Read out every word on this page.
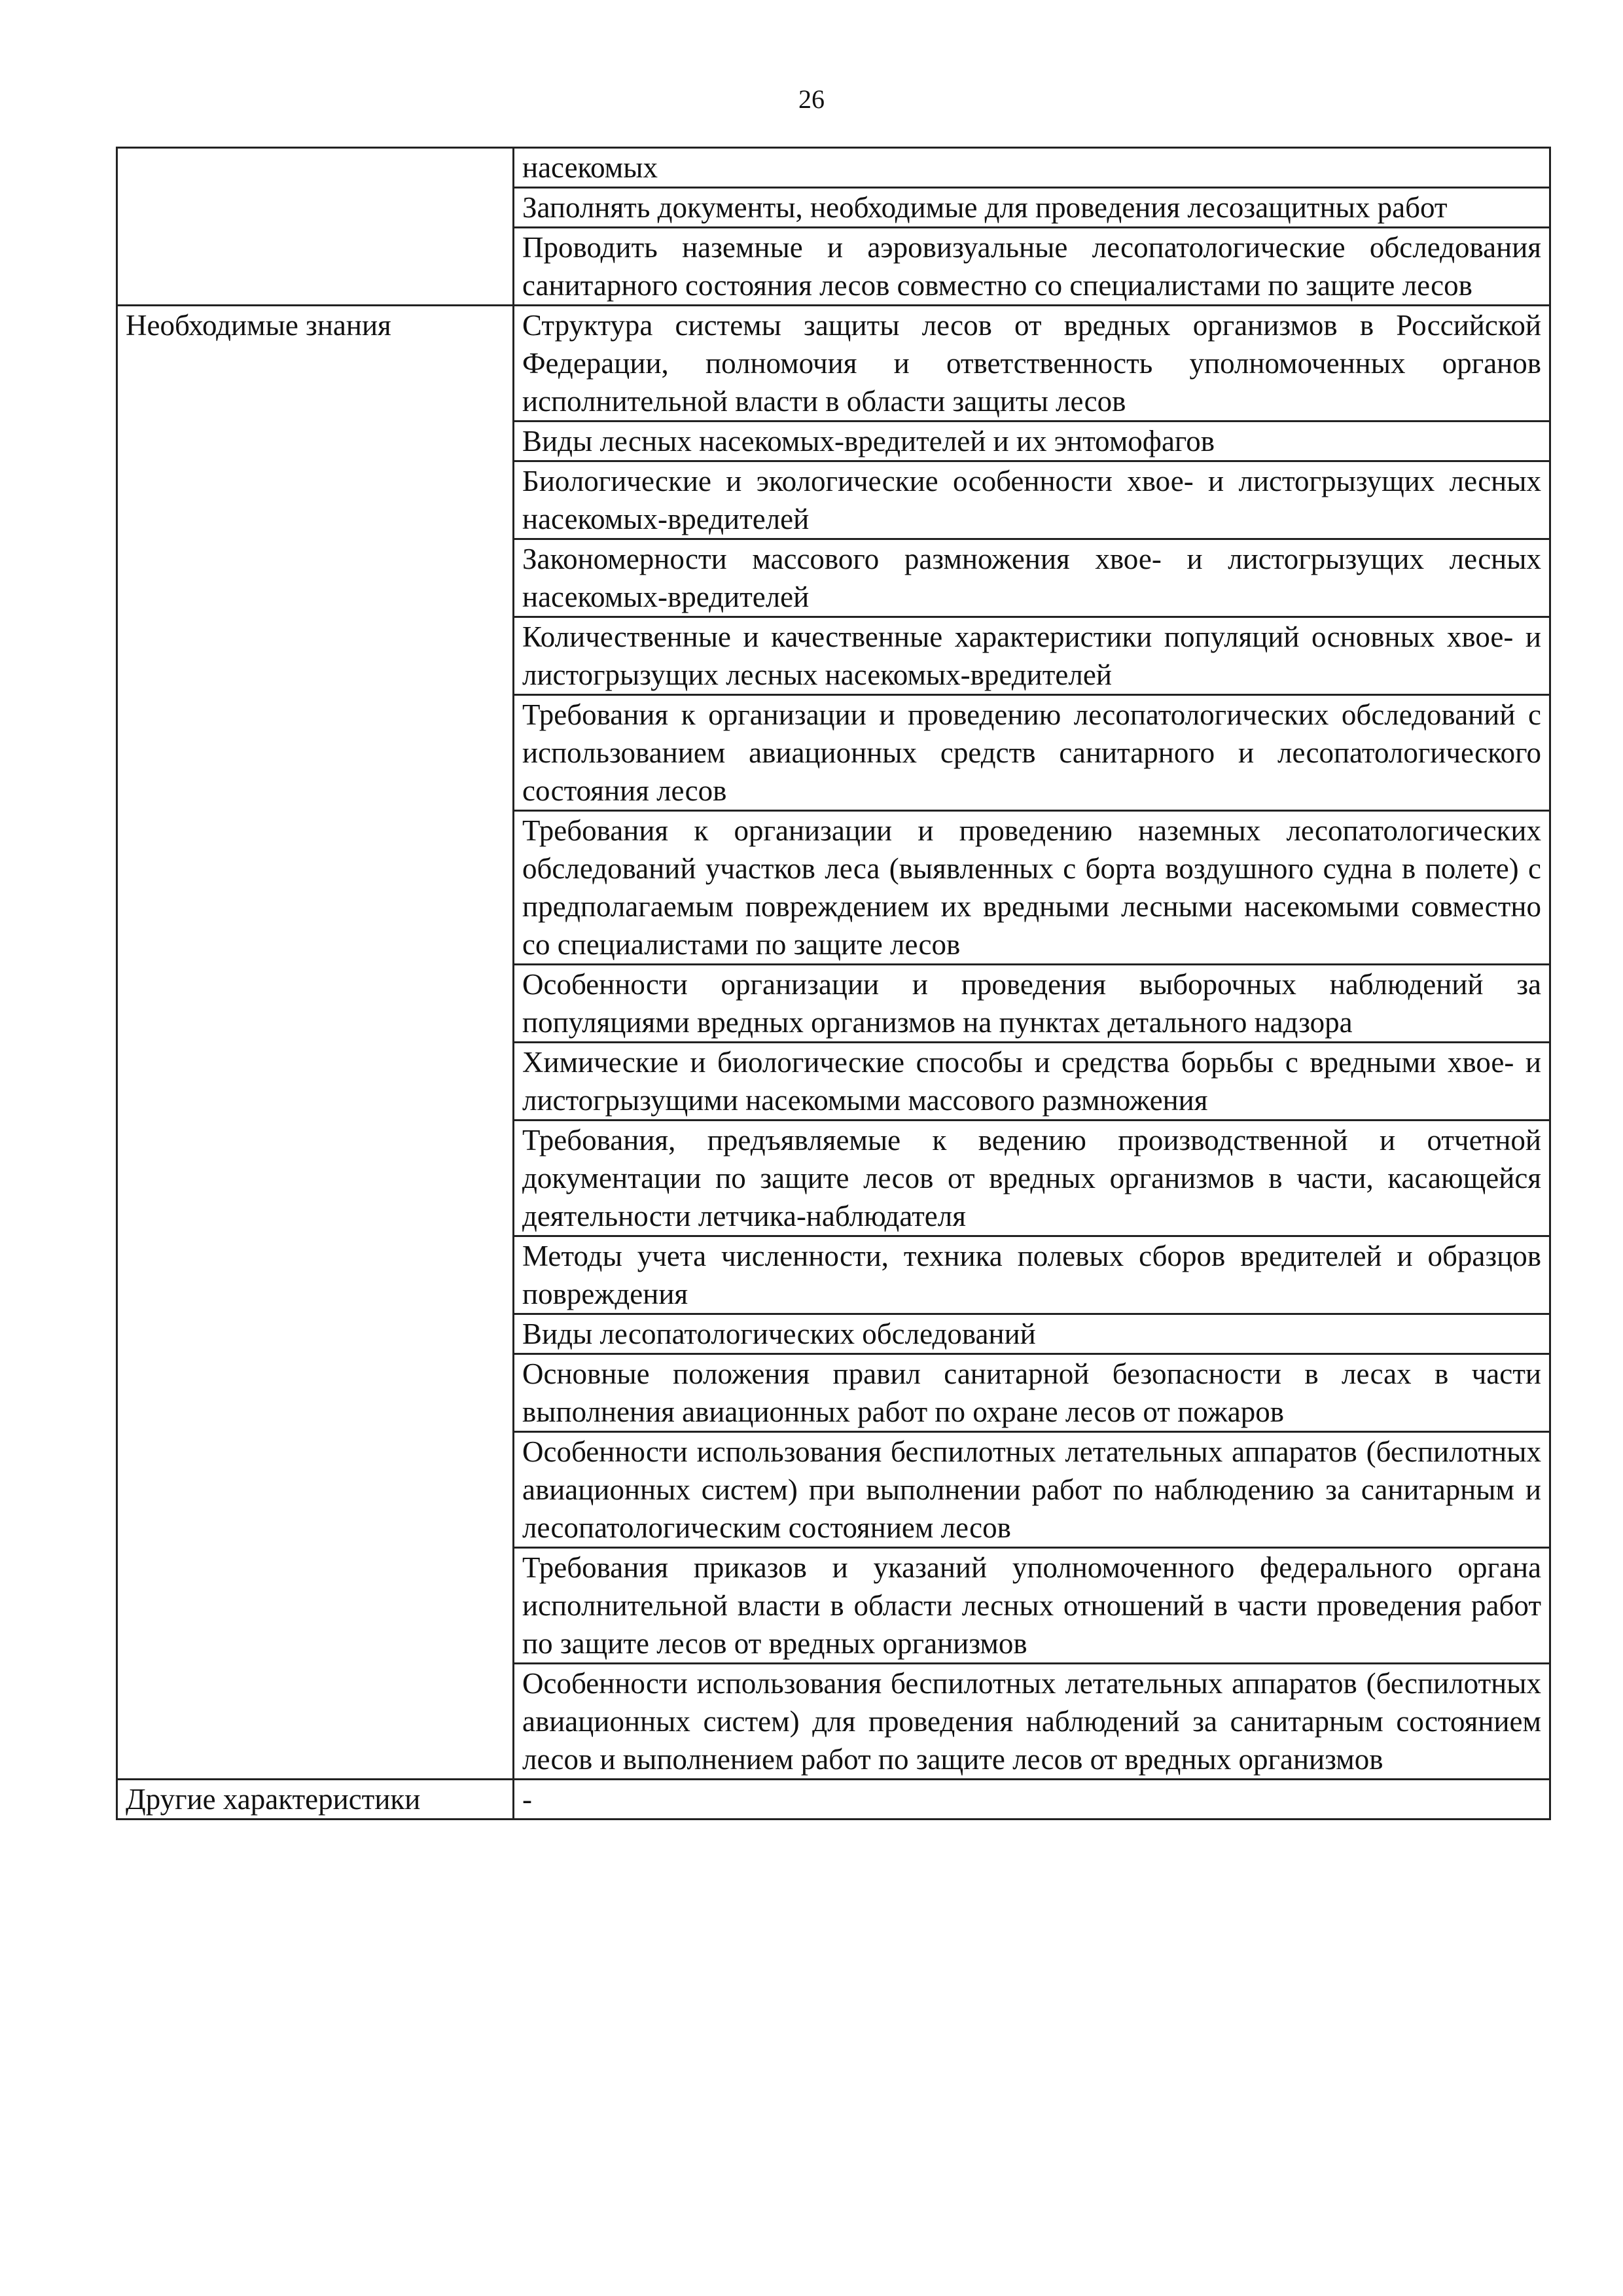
26
	насекомых
	Заполнять документы, необходимые для проведения лесозащитных работ
	Проводить наземные и аэровизуальные лесопатологические обследования санитарного состояния лесов совместно со специалистами по защите лесов
Необходимые знания	Структура системы защиты лесов от вредных организмов в Российской Федерации, полномочия и ответственность уполномоченных органов исполнительной власти в области защиты лесов
	Виды лесных насекомых-вредителей и их энтомофагов
	Биологические и экологические особенности хвое- и листогрызущих лесных насекомых-вредителей
	Закономерности массового размножения хвое- и листогрызущих лесных насекомых-вредителей
	Количественные и качественные характеристики популяций основных хвое- и листогрызущих лесных насекомых-вредителей
	Требования к организации и проведению лесопатологических обследований с использованием авиационных средств санитарного и лесопатологического состояния лесов
	Требования к организации и проведению наземных лесопатологических обследований участков леса (выявленных с борта воздушного судна в полете) с предполагаемым повреждением их вредными лесными насекомыми совместно со специалистами по защите лесов
	Особенности организации и проведения выборочных наблюдений за популяциями вредных организмов на пунктах детального надзора
	Химические и биологические способы и средства борьбы с вредными хвое- и листогрызущими насекомыми массового размножения
	Требования, предъявляемые к ведению производственной и отчетной документации по защите лесов от вредных организмов в части, касающейся деятельности летчика-наблюдателя
	Методы учета численности, техника полевых сборов вредителей и образцов повреждения
	Виды лесопатологических обследований
	Основные положения правил санитарной безопасности в лесах в части выполнения авиационных работ по охране лесов от пожаров
	Особенности использования беспилотных летательных аппаратов (беспилотных авиационных систем) при выполнении работ по наблюдению за санитарным и лесопатологическим состоянием лесов
	Требования приказов и указаний уполномоченного федерального органа исполнительной власти в области лесных отношений в части проведения работ по защите лесов от вредных организмов
	Особенности использования беспилотных летательных аппаратов (беспилотных авиационных систем) для проведения наблюдений за санитарным состоянием лесов и выполнением работ по защите лесов от вредных организмов
Другие характеристики	-
